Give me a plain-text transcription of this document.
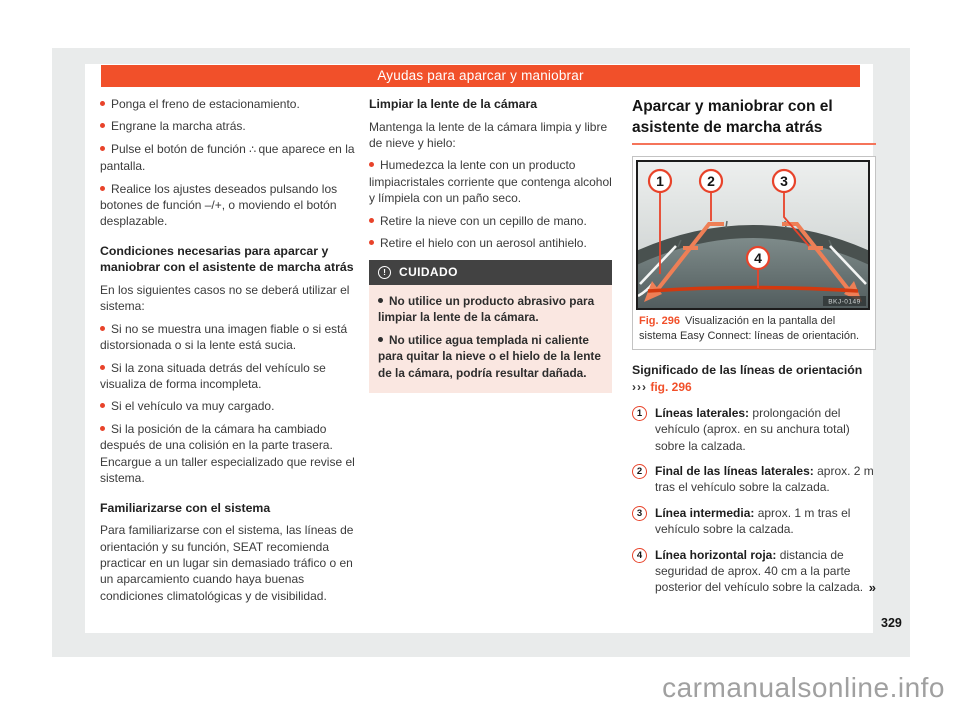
Ayudas para aparcar y maniobrar

Ponga el freno de estacionamiento.

Engrane la marcha atrás.

Pulse el botón de función ∴ que aparece en la pantalla.

Realice los ajustes deseados pulsando los botones de función –/+, o moviendo el botón desplazable.

Condiciones necesarias para aparcar y maniobrar con el asistente de marcha atrás

En los siguientes casos no se deberá utilizar el sistema:

Si no se muestra una imagen fiable o si está distorsionada o si la lente está sucia.

Si la zona situada detrás del vehículo se visualiza de forma incompleta.

Si el vehículo va muy cargado.

Si la posición de la cámara ha cambiado después de una colisión en la parte trasera. Encargue a un taller especializado que revise el sistema.

Familiarizarse con el sistema

Para familiarizarse con el sistema, las líneas de orientación y su función, SEAT recomienda practicar en un lugar sin demasiado tráfico o en un aparcamiento cuando haya buenas condiciones climatológicas y de visibilidad.

Limpiar la lente de la cámara

Mantenga la lente de la cámara limpia y libre de nieve y hielo:

Humedezca la lente con un producto limpiacristales corriente que contenga alcohol y límpiela con un paño seco.

Retire la nieve con un cepillo de mano.

Retire el hielo con un aerosol antihielo.

!	CUIDADO

No utilice un producto abrasivo para limpiar la lente de la cámara.

No utilice agua templada ni caliente para quitar la nieve o el hielo de la lente de la cámara, podría resultar dañada.

Aparcar y maniobrar con el asistente de marcha atrás
1	2	3
4
BKJ-0149
Fig. 296 Visualización en la pantalla del sistema Easy Connect: líneas de orientación.
Significado de las líneas de orientación
››› fig. 296
1	Líneas laterales: prolongación del vehículo (aprox. en su anchura total) sobre la calzada.
2	Final de las líneas laterales: aprox. 2 m tras el vehículo sobre la calzada.
3	Línea intermedia: aprox. 1 m tras el vehículo sobre la calzada.
4	Línea horizontal roja: distancia de seguridad de aprox. 40 cm a la parte posterior del vehículo sobre la calzada. »
329
carmanualsonline.info
